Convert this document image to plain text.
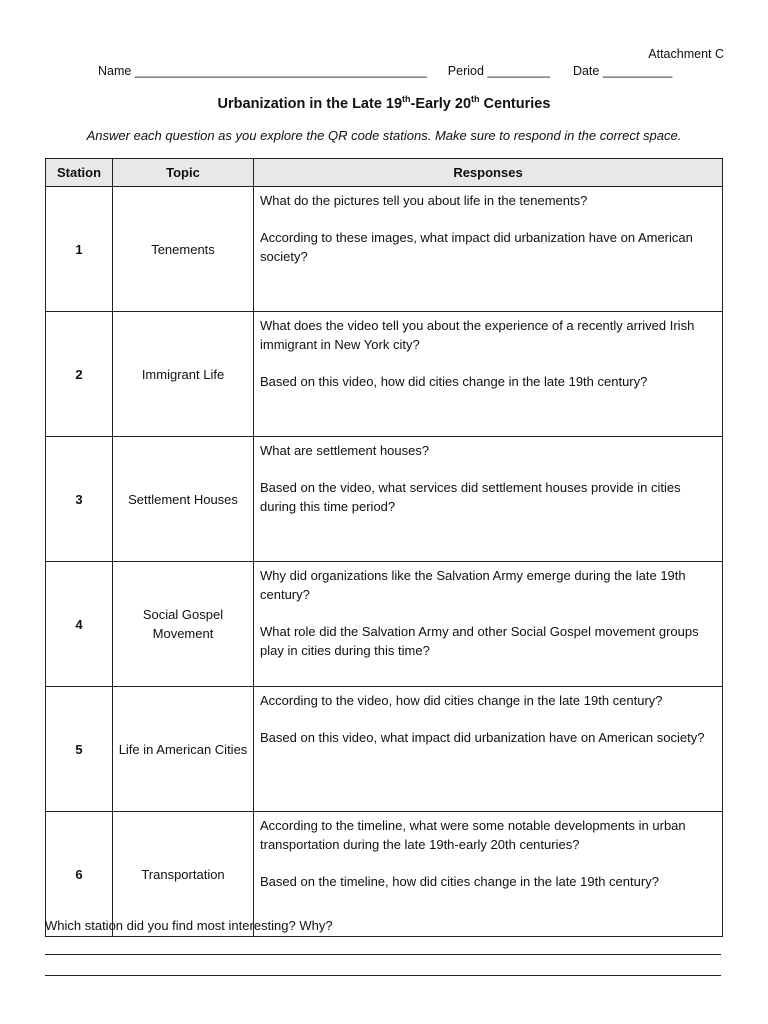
Attachment C
Name __________________________________________ Period _________ Date __________
Urbanization in the Late 19th-Early 20th Centuries
Answer each question as you explore the QR code stations. Make sure to respond in the correct space.
Station	Topic	Responses
1	Tenements	What do the pictures tell you about life in the tenements?

According to these images, what impact did urbanization have on American society?

2	Immigrant Life	What does the video tell you about the experience of a recently arrived Irish immigrant in New York city?

Based on this video, how did cities change in the late 19th century?

3	Settlement Houses	What are settlement houses?

Based on the video, what services did settlement houses provide in cities during this time period?

4	Social Gospel Movement	Why did organizations like the Salvation Army emerge during the late 19th century?

What role did the Salvation Army and other Social Gospel movement groups play in cities during this time?

5	Life in American Cities	According to the video, how did cities change in the late 19th century?

Based on this video, what impact did urbanization have on American society?

6	Transportation	According to the timeline, what were some notable developments in urban transportation during the late 19th-early 20th centuries?

Based on the timeline, how did cities change in the late 19th century?

Which station did you find most interesting? Why?
